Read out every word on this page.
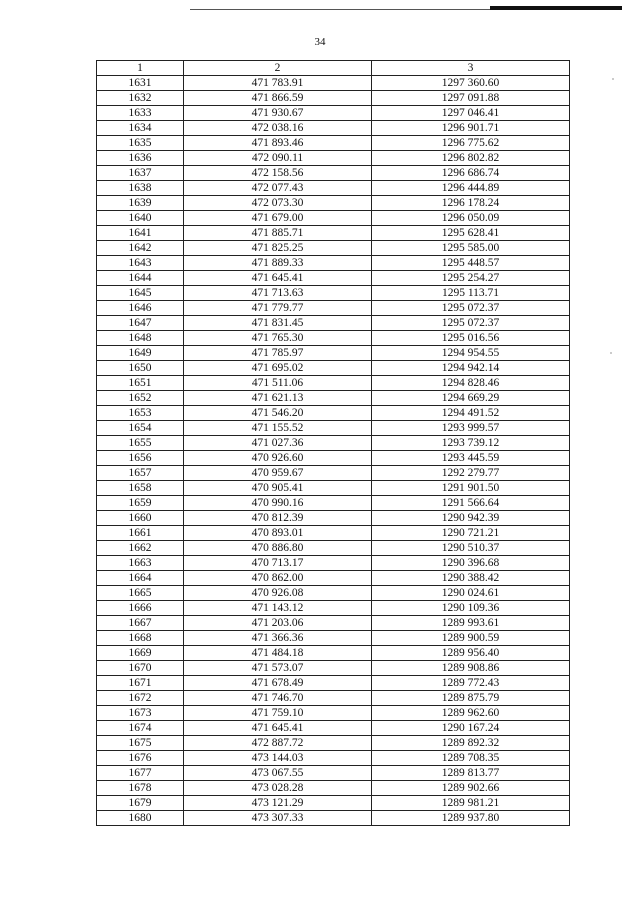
34
1	2	3
1631	471 783.91	1297 360.60
1632	471 866.59	1297 091.88
1633	471 930.67	1297 046.41
1634	472 038.16	1296 901.71
1635	471 893.46	1296 775.62
1636	472 090.11	1296 802.82
1637	472 158.56	1296 686.74
1638	472 077.43	1296 444.89
1639	472 073.30	1296 178.24
1640	471 679.00	1296 050.09
1641	471 885.71	1295 628.41
1642	471 825.25	1295 585.00
1643	471 889.33	1295 448.57
1644	471 645.41	1295 254.27
1645	471 713.63	1295 113.71
1646	471 779.77	1295 072.37
1647	471 831.45	1295 072.37
1648	471 765.30	1295 016.56
1649	471 785.97	1294 954.55
1650	471 695.02	1294 942.14
1651	471 511.06	1294 828.46
1652	471 621.13	1294 669.29
1653	471 546.20	1294 491.52
1654	471 155.52	1293 999.57
1655	471 027.36	1293 739.12
1656	470 926.60	1293 445.59
1657	470 959.67	1292 279.77
1658	470 905.41	1291 901.50
1659	470 990.16	1291 566.64
1660	470 812.39	1290 942.39
1661	470 893.01	1290 721.21
1662	470 886.80	1290 510.37
1663	470 713.17	1290 396.68
1664	470 862.00	1290 388.42
1665	470 926.08	1290 024.61
1666	471 143.12	1290 109.36
1667	471 203.06	1289 993.61
1668	471 366.36	1289 900.59
1669	471 484.18	1289 956.40
1670	471 573.07	1289 908.86
1671	471 678.49	1289 772.43
1672	471 746.70	1289 875.79
1673	471 759.10	1289 962.60
1674	471 645.41	1290 167.24
1675	472 887.72	1289 892.32
1676	473 144.03	1289 708.35
1677	473 067.55	1289 813.77
1678	473 028.28	1289 902.66
1679	473 121.29	1289 981.21
1680	473 307.33	1289 937.80
